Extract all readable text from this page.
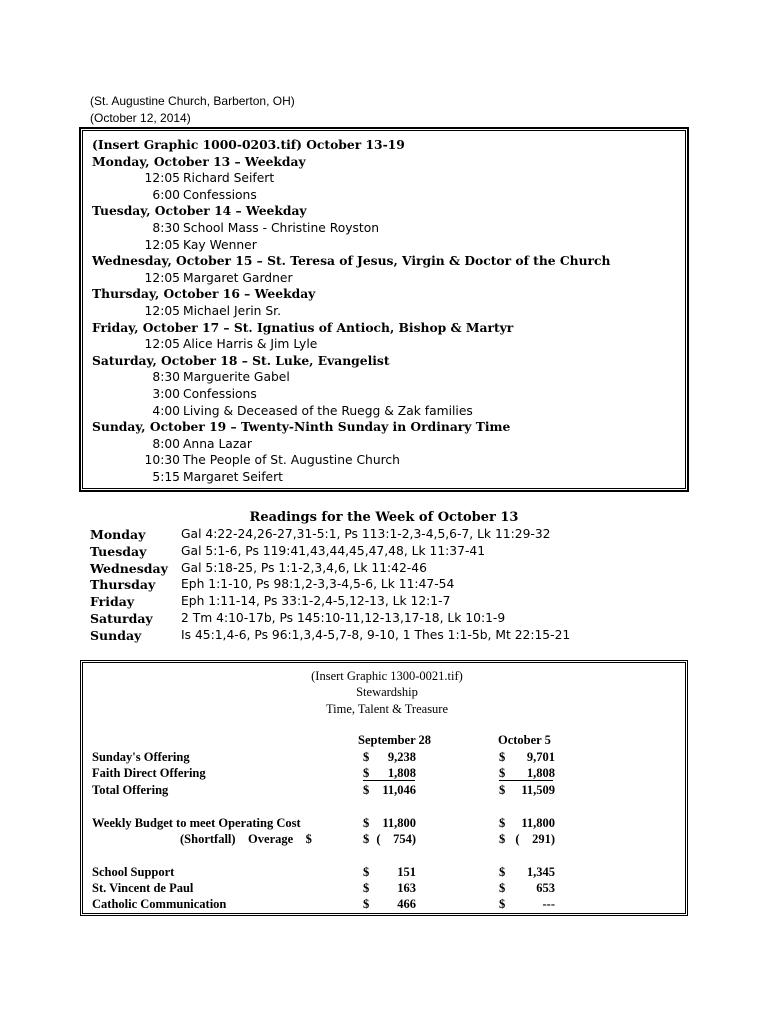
(St. Augustine Church, Barberton, OH)
(October 12, 2014)
(Insert Graphic 1000-0203.tif) October 13-19
Monday, October 13 – Weekday
12:05 Richard Seifert
6:00 Confessions
Tuesday, October 14 – Weekday
8:30 School Mass - Christine Royston
12:05 Kay Wenner
Wednesday, October 15 – St. Teresa of Jesus, Virgin & Doctor of the Church
12:05 Margaret Gardner
Thursday, October 16 – Weekday
12:05 Michael Jerin Sr.
Friday, October 17 – St. Ignatius of Antioch, Bishop & Martyr
12:05 Alice Harris & Jim Lyle
Saturday, October 18 – St. Luke, Evangelist
8:30 Marguerite Gabel
3:00 Confessions
4:00 Living & Deceased of the Ruegg & Zak families
Sunday, October 19 – Twenty-Ninth Sunday in Ordinary Time
8:00 Anna Lazar
10:30 The People of St. Augustine Church
5:15 Margaret Seifert
Readings for the Week of October 13
Monday	Gal 4:22-24,26-27,31-5:1, Ps 113:1-2,3-4,5,6-7, Lk 11:29-32
Tuesday	Gal 5:1-6, Ps 119:41,43,44,45,47,48, Lk 11:37-41
Wednesday Gal 5:18-25, Ps 1:1-2,3,4,6, Lk 11:42-46
Thursday Eph 1:1-10, Ps 98:1,2-3,3-4,5-6, Lk 11:47-54
Friday	Eph 1:11-14, Ps 33:1-2,4-5,12-13, Lk 12:1-7
Saturday 2 Tm 4:10-17b, Ps 145:10-11,12-13,17-18, Lk 10:1-9
Sunday	Is 45:1,4-6, Ps 96:1,3,4-5,7-8, 9-10, 1 Thes 1:1-5b, Mt 22:15-21
(Insert Graphic 1300-0021.tif)
Stewardship
Time, Talent & Treasure
September 28	October 5
Sunday's Offering	$	9,238	$	9,701
Faith Direct Offering	$	1,808	$	1,808
Total Offering	$	11,046	$	11,509
Weekly Budget to meet Operating Cost	$	11,800	$	11,800
(Shortfall)    Overage    $	$ (    754)	$ (    291)
School Support	$	151	$	1,345
St. Vincent de Paul	$	163	$	653
Catholic Communication	$	466	$	---
